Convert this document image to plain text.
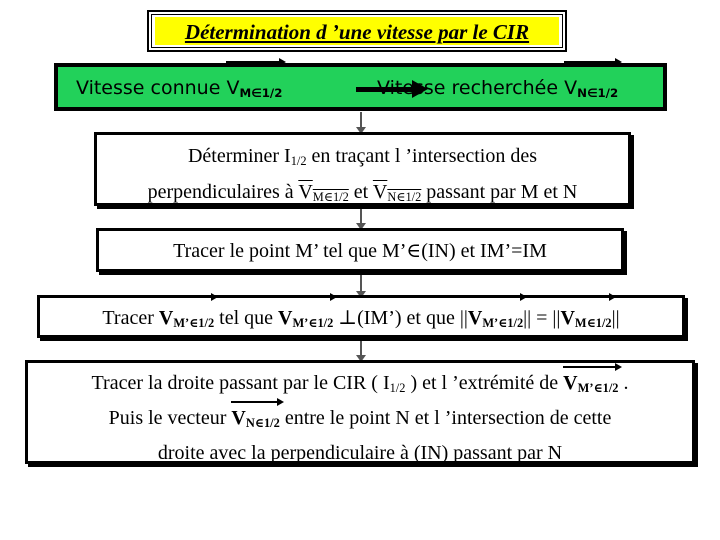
Détermination d ’une vitesse par le CIR
Vitesse connue
VM∈1/2	Vitesse recherchée
VN∈1/2
Déterminer $I_{1/2}$ en traçant l ’intersection des
perpendiculaires à $\overline{V}_{M\in 1/2}$ et $\overline{V}_{N\in 1/2}$ passant par M et N
Tracer le point M’ tel que M’∈(IN) et IM’=IM
Tracer
VM’∈1/2 tel que
VM’∈1/2 ⊥(IM’) et que ||
VM’∈1/2|| = ||
VM∈1/2||
Tracer la droite passant par le CIR ( $I_{1/2}$ ) et l ’extrémité de
VM’∈1/2 .
Puis le vecteur
VN∈1/2 entre le point N et l ’intersection de cette
droite avec la perpendiculaire à (IN) passant par N
